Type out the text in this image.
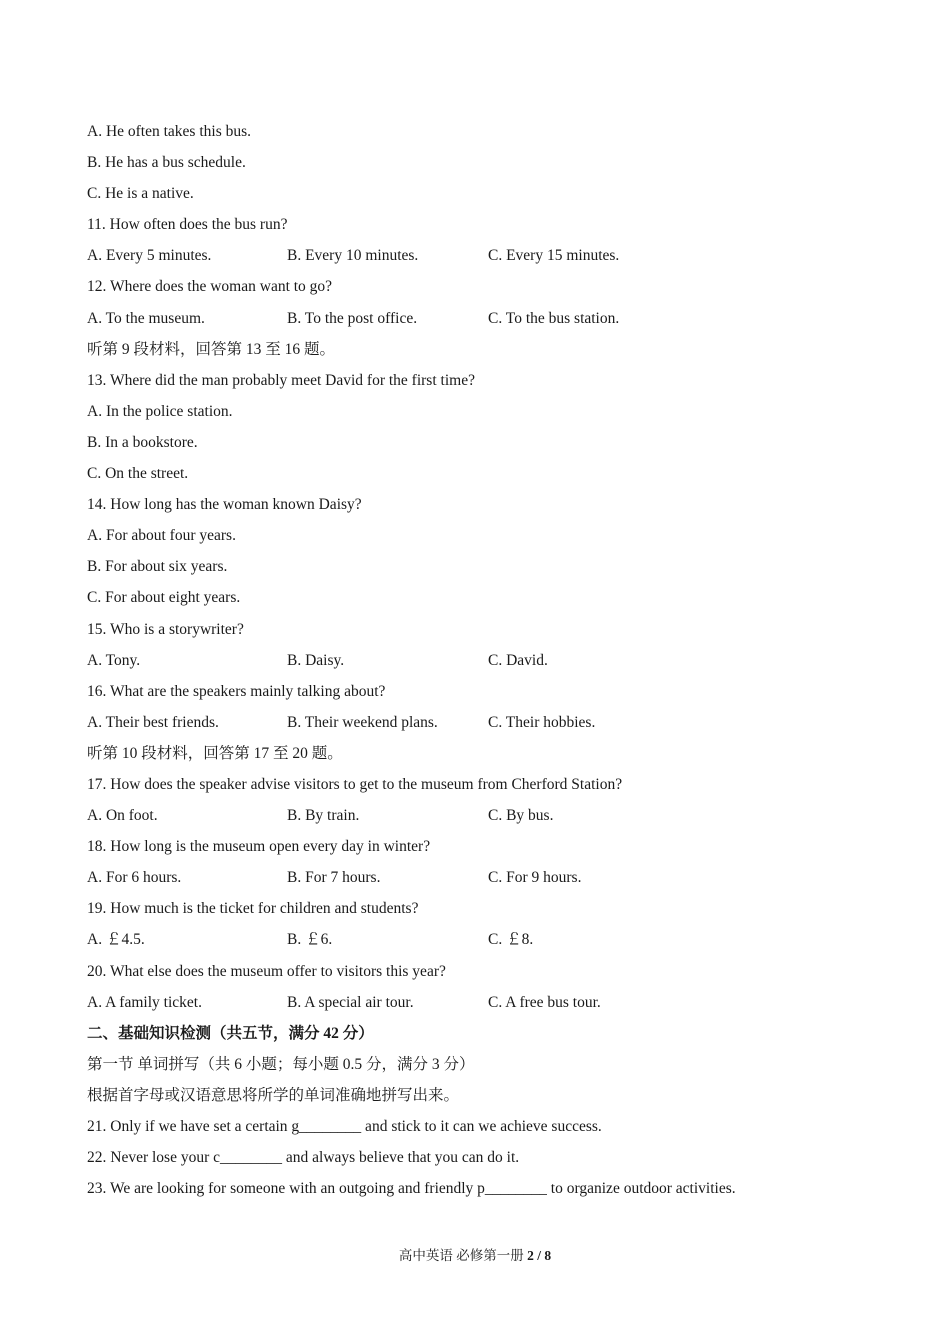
A. He often takes this bus.
B. He has a bus schedule.
C. He is a native.
11. How often does the bus run?
A. Every 5 minutes.	B. Every 10 minutes.	C. Every 15 minutes.
12. Where does the woman want to go?
A. To the museum.	B. To the post office.	C. To the bus station.
听第 9 段材料，回答第 13 至 16 题。
13. Where did the man probably meet David for the first time?
A. In the police station.
B. In a bookstore.
C. On the street.
14. How long has the woman known Daisy?
A. For about four years.
B. For about six years.
C. For about eight years.
15. Who is a storywriter?
A. Tony.	B. Daisy.	C. David.
16. What are the speakers mainly talking about?
A. Their best friends.	B. Their weekend plans.	C. Their hobbies.
听第 10 段材料，回答第 17 至 20 题。
17. How does the speaker advise visitors to get to the museum from Cherford Station?
A. On foot.	B. By train.	C. By bus.
18. How long is the museum open every day in winter?
A. For 6 hours.	B. For 7 hours.	C. For 9 hours.
19. How much is the ticket for children and students?
A. ￡4.5.	B. ￡6.	C. ￡8.
20. What else does the museum offer to visitors this year?
A. A family ticket.	B. A special air tour.	C. A free bus tour.
二、基础知识检测（共五节，满分 42 分）
第一节 单词拼写（共 6 小题；每小题 0.5 分，满分 3 分）
根据首字母或汉语意思将所学的单词准确地拼写出来。
21. Only if we have set a certain g________ and stick to it can we achieve success.
22. Never lose your c________ and always believe that you can do it.
23. We are looking for someone with an outgoing and friendly p________ to organize outdoor activities.
高中英语 必修第一册 2 / 8
